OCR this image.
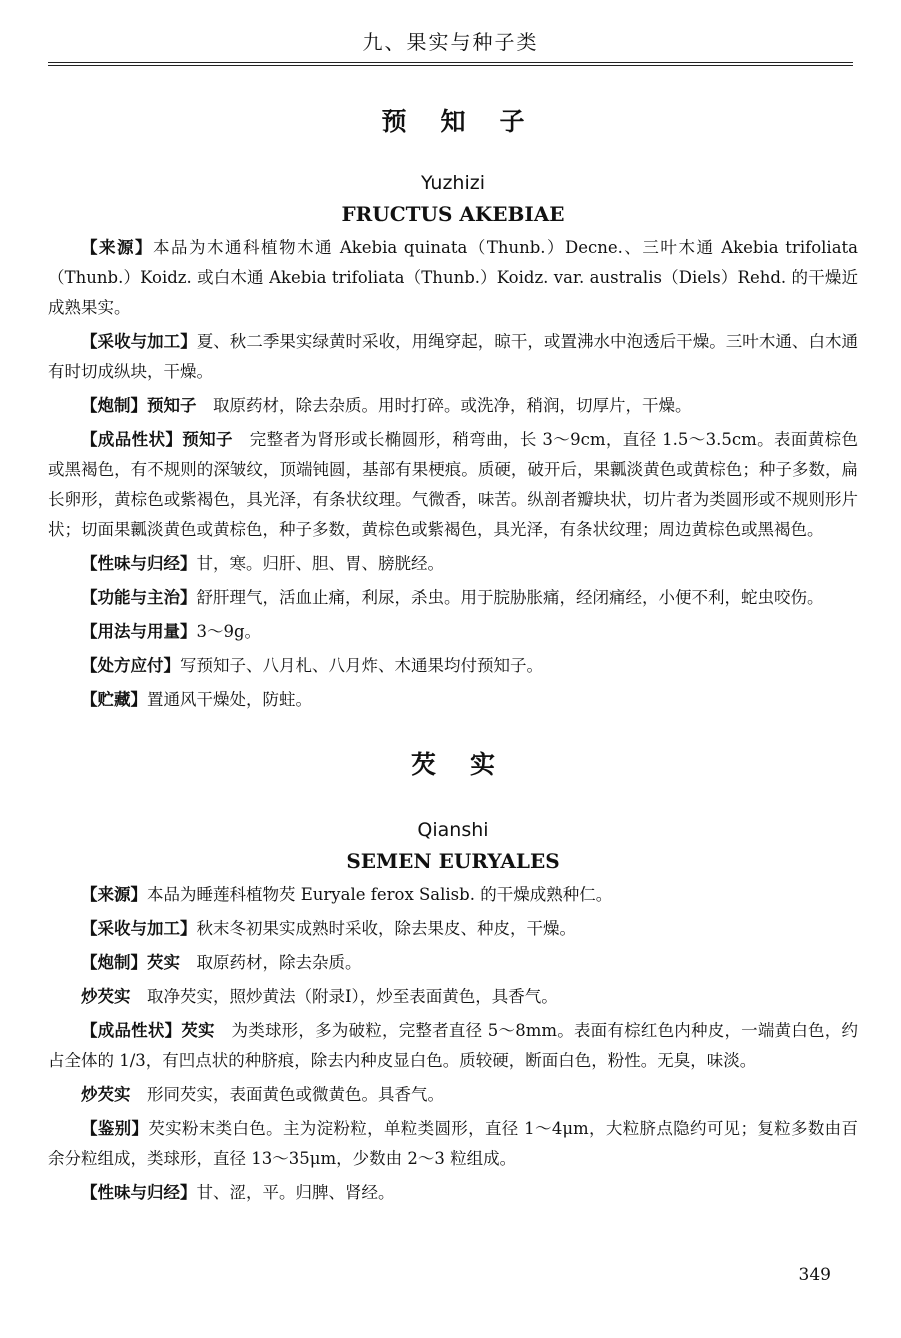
九、果实与种子类
预知子
Yuzhizi
FRUCTUS AKEBIAE

【来源】本品为木通科植物木通 Akebia quinata（Thunb.）Decne.、三叶木通 Akebia trifoliata（Thunb.）Koidz. 或白木通 Akebia trifoliata（Thunb.）Koidz. var. australis（Diels）Rehd. 的干燥近成熟果实。

【采收与加工】夏、秋二季果实绿黄时采收，用绳穿起，晾干，或置沸水中泡透后干燥。三叶木通、白木通有时切成纵块，干燥。

【炮制】预知子　取原药材，除去杂质。用时打碎。或洗净，稍润，切厚片，干燥。

【成品性状】预知子　完整者为肾形或长椭圆形，稍弯曲，长 3～9cm，直径 1.5～3.5cm。表面黄棕色或黑褐色，有不规则的深皱纹，顶端钝圆，基部有果梗痕。质硬，破开后，果瓤淡黄色或黄棕色；种子多数，扁长卵形，黄棕色或紫褐色，具光泽，有条状纹理。气微香，味苦。纵剖者瓣块状，切片者为类圆形或不规则形片状；切面果瓤淡黄色或黄棕色，种子多数，黄棕色或紫褐色，具光泽，有条状纹理；周边黄棕色或黑褐色。

【性味与归经】甘，寒。归肝、胆、胃、膀胱经。

【功能与主治】舒肝理气，活血止痛，利尿，杀虫。用于脘胁胀痛，经闭痛经，小便不利，蛇虫咬伤。

【用法与用量】3～9g。

【处方应付】写预知子、八月札、八月炸、木通果均付预知子。

【贮藏】置通风干燥处，防蛀。

芡实
Qianshi
SEMEN EURYALES

【来源】本品为睡莲科植物芡 Euryale ferox Salisb. 的干燥成熟种仁。

【采收与加工】秋末冬初果实成熟时采收，除去果皮、种皮，干燥。

【炮制】芡实　取原药材，除去杂质。

炒芡实　取净芡实，照炒黄法（附录Ⅰ），炒至表面黄色，具香气。

【成品性状】芡实　为类球形，多为破粒，完整者直径 5～8mm。表面有棕红色内种皮，一端黄白色，约占全体的 1/3，有凹点状的种脐痕，除去内种皮显白色。质较硬，断面白色，粉性。无臭，味淡。

炒芡实　形同芡实，表面黄色或微黄色。具香气。

【鉴别】芡实粉末类白色。主为淀粉粒，单粒类圆形，直径 1～4μm，大粒脐点隐约可见；复粒多数由百余分粒组成，类球形，直径 13～35μm，少数由 2～3 粒组成。

【性味与归经】甘、涩，平。归脾、肾经。

349
